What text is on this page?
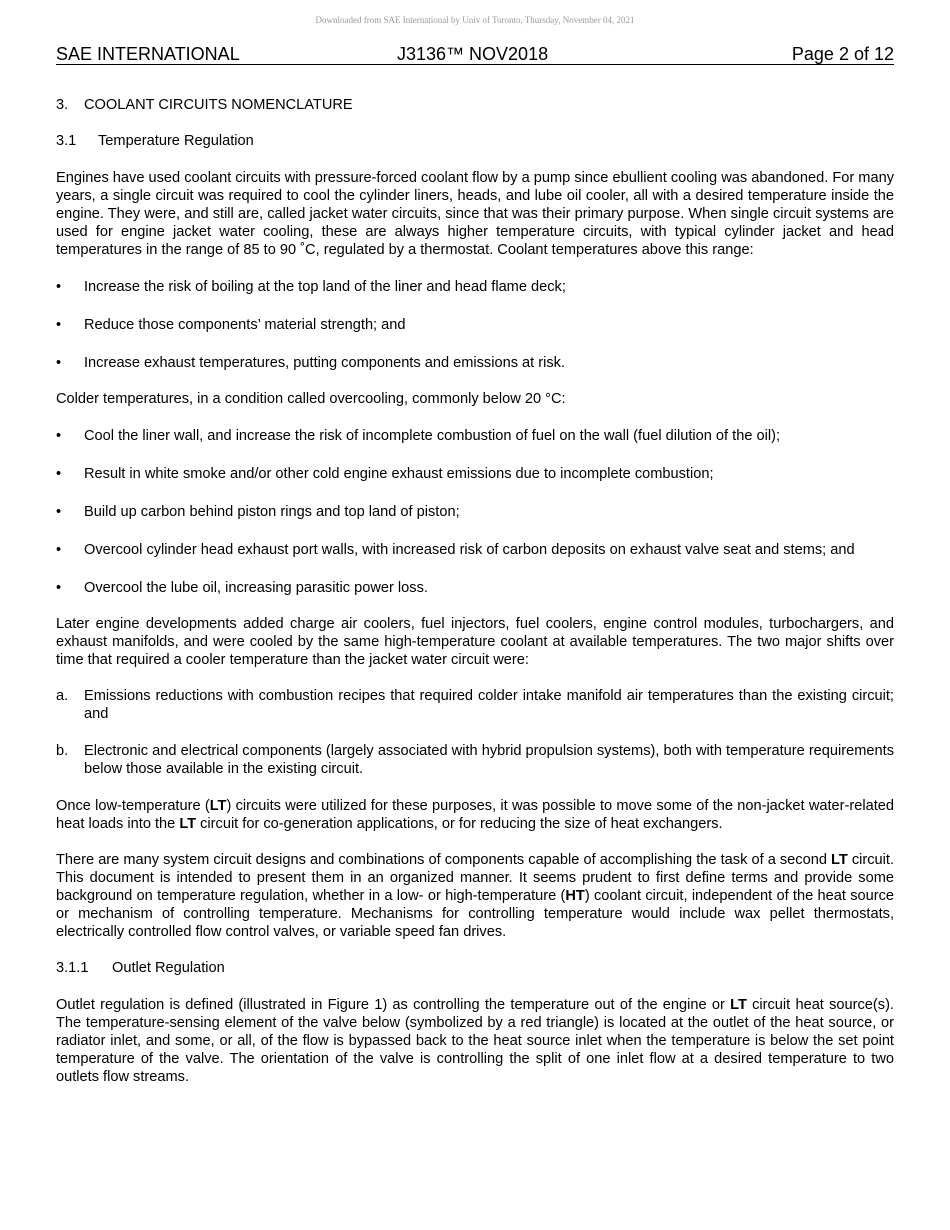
Downloaded from SAE International by Univ of Toronto, Thursday, November 04, 2021
SAE INTERNATIONAL	J3136™ NOV2018	Page 2 of 12
3. COOLANT CIRCUITS NOMENCLATURE
3.1 Temperature Regulation

Engines have used coolant circuits with pressure-forced coolant flow by a pump since ebullient cooling was abandoned. For many years, a single circuit was required to cool the cylinder liners, heads, and lube oil cooler, all with a desired temperature inside the engine. They were, and still are, called jacket water circuits, since that was their primary purpose. When single circuit systems are used for engine jacket water cooling, these are always higher temperature circuits, with typical cylinder jacket and head temperatures in the range of 85 to 90 ˚C, regulated by a thermostat. Coolant temperatures above this range:

•	Increase the risk of boiling at the top land of the liner and head flame deck;

•	Reduce those components’ material strength; and

•	Increase exhaust temperatures, putting components and emissions at risk.

Colder temperatures, in a condition called overcooling, commonly below 20 °C:

•	Cool the liner wall, and increase the risk of incomplete combustion of fuel on the wall (fuel dilution of the oil);

•	Result in white smoke and/or other cold engine exhaust emissions due to incomplete combustion;

•	Build up carbon behind piston rings and top land of piston;

•	Overcool cylinder head exhaust port walls, with increased risk of carbon deposits on exhaust valve seat and stems; and

•	Overcool the lube oil, increasing parasitic power loss.

Later engine developments added charge air coolers, fuel injectors, fuel coolers, engine control modules, turbochargers, and exhaust manifolds, and were cooled by the same high-temperature coolant at available temperatures. The two major shifts over time that required a cooler temperature than the jacket water circuit were:

a. Emissions reductions with combustion recipes that required colder intake manifold air temperatures than the existing circuit; and

b. Electronic and electrical components (largely associated with hybrid propulsion systems), both with temperature requirements below those available in the existing circuit.

Once low-temperature (LT) circuits were utilized for these purposes, it was possible to move some of the non-jacket water-related heat loads into the LT circuit for co-generation applications, or for reducing the size of heat exchangers.

There are many system circuit designs and combinations of components capable of accomplishing the task of a second LT circuit. This document is intended to present them in an organized manner. It seems prudent to first define terms and provide some background on temperature regulation, whether in a low- or high-temperature (HT) coolant circuit, independent of the heat source or mechanism of controlling temperature. Mechanisms for controlling temperature would include wax pellet thermostats, electrically controlled flow control valves, or variable speed fan drives.

3.1.1 Outlet Regulation

Outlet regulation is defined (illustrated in Figure 1) as controlling the temperature out of the engine or LT circuit heat source(s). The temperature-sensing element of the valve below (symbolized by a red triangle) is located at the outlet of the heat source, or radiator inlet, and some, or all, of the flow is bypassed back to the heat source inlet when the temperature is below the set point temperature of the valve. The orientation of the valve is controlling the split of one inlet flow at a desired temperature to two outlets flow streams.
